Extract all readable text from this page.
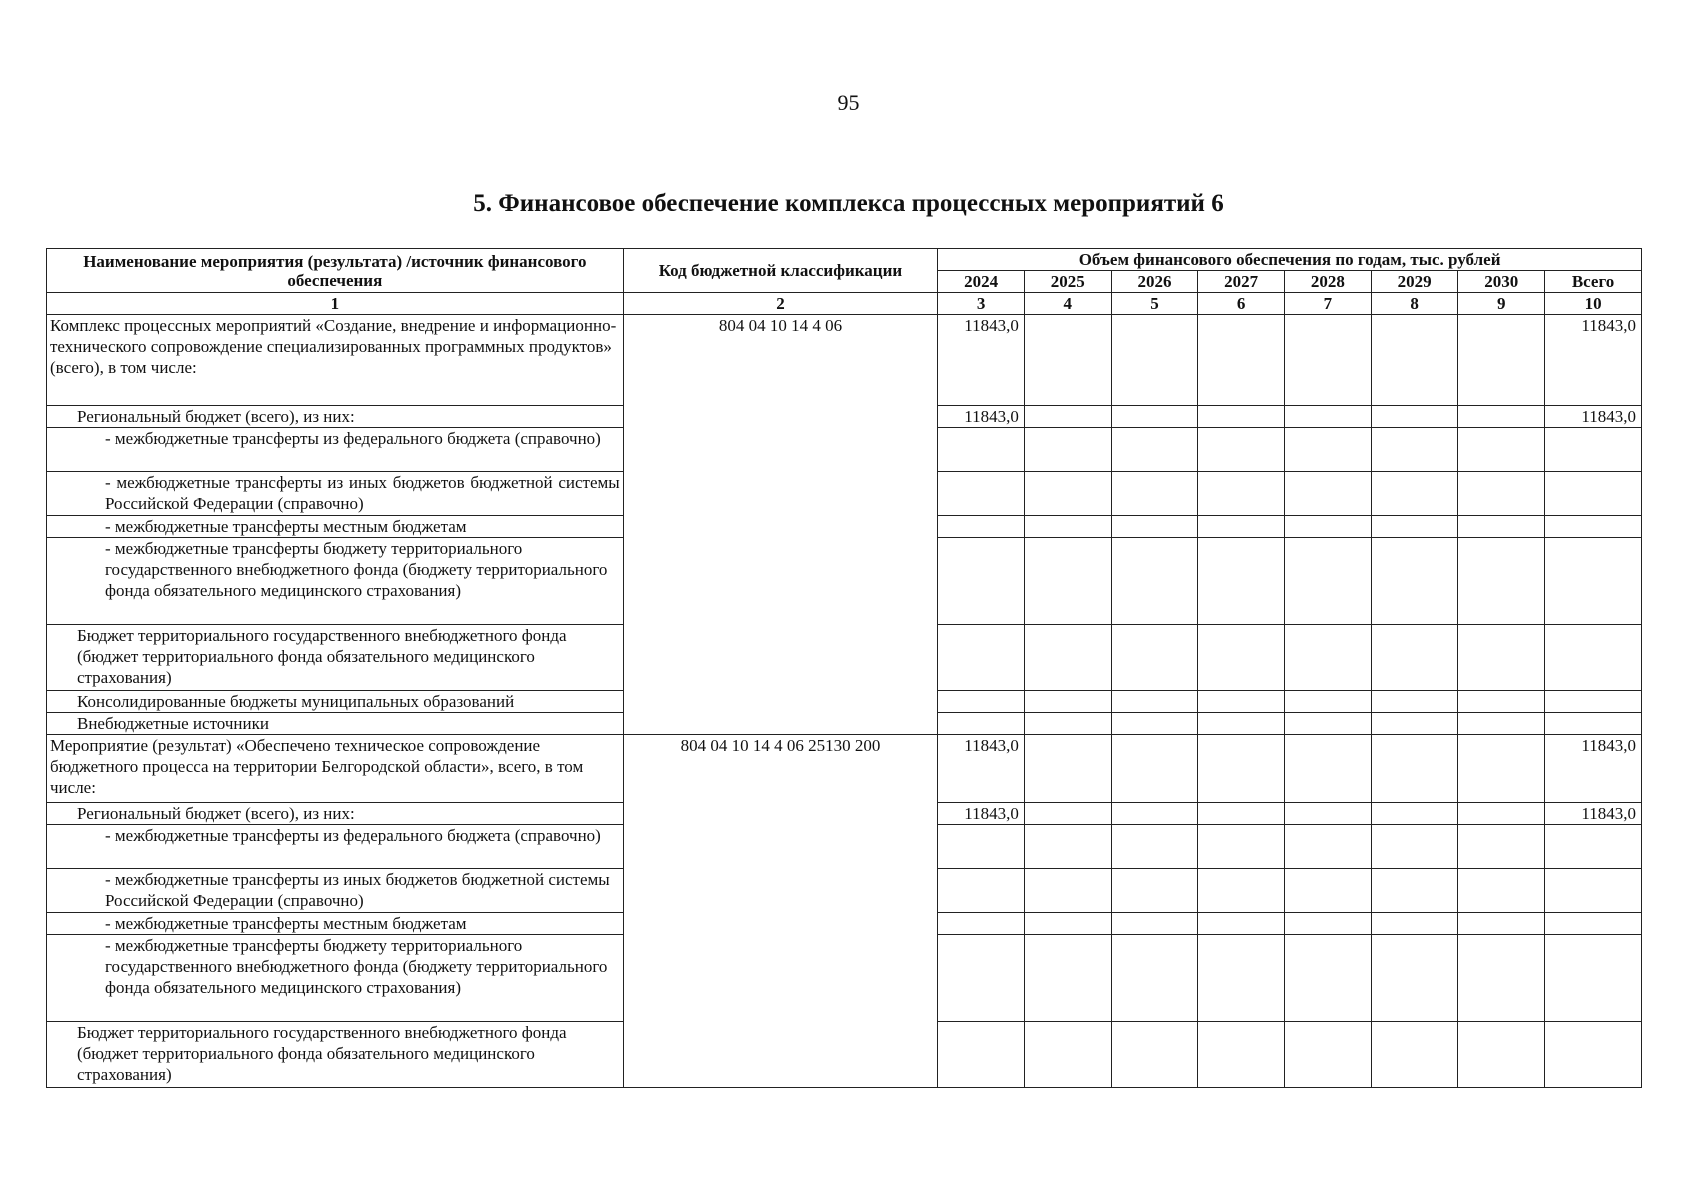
95
5. Финансовое обеспечение комплекса процессных мероприятий 6
Наименование мероприятия (результата) /источник финансового обеспечения	Код бюджетной классификации	Объем финансового обеспечения по годам, тыс. рублей							
		2024	2025	2026	2027	2028	2029	2030	Всего
1	2	3	4	5	6	7	8	9	10
Комплекс процессных мероприятий «Создание, внедрение и информационно-технического сопровождение специализированных программных продуктов» (всего), в том числе:	804 04 10 14 4 06	11843,0							11843,0
Региональный бюджет (всего), из них:		11843,0							11843,0
- межбюджетные трансферты из федерального бюджета (справочно)									
- межбюджетные трансферты из иных бюджетов бюджетной системы Российской Федерации (справочно)									
- межбюджетные трансферты местным бюджетам									
- межбюджетные трансферты бюджету территориального государственного внебюджетного фонда (бюджету территориального фонда обязательного медицинского страхования)									
Бюджет территориального государственного внебюджетного фонда (бюджет территориального фонда обязательного медицинского страхования)									
Консолидированные бюджеты муниципальных образований									
Внебюджетные источники									
Мероприятие (результат) «Обеспечено техническое сопровождение бюджетного процесса на территории Белгородской области», всего, в том числе:	804 04 10 14 4 06 25130 200	11843,0							11843,0
Региональный бюджет (всего), из них:		11843,0							11843,0
- межбюджетные трансферты из федерального бюджета (справочно)									
- межбюджетные трансферты из иных бюджетов бюджетной системы Российской Федерации (справочно)									
- межбюджетные трансферты местным бюджетам									
- межбюджетные трансферты бюджету территориального государственного внебюджетного фонда (бюджету территориального фонда обязательного медицинского страхования)									
Бюджет территориального государственного внебюджетного фонда (бюджет территориального фонда обязательного медицинского страхования)									
